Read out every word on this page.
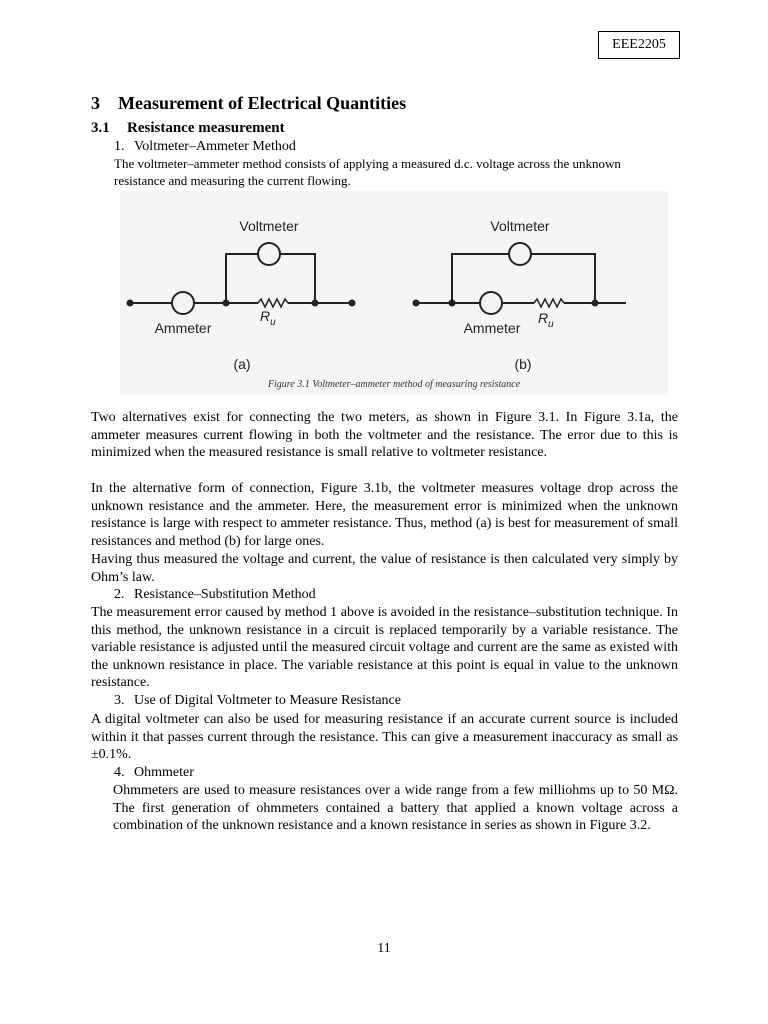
EEE2205
3 Measurement of Electrical Quantities
3.1 Resistance measurement
1. Voltmeter–Ammeter Method
The voltmeter–ammeter method consists of applying a measured d.c. voltage across the unknown resistance and measuring the current flowing.
Voltmeter
Ammeter
$R_u$
(a)
Voltmeter
Ammeter
$R_u$
(b)
Figure 3.1 Voltmeter–ammeter method of measuring resistance
Two alternatives exist for connecting the two meters, as shown in Figure 3.1. In Figure 3.1a, the ammeter measures current flowing in both the voltmeter and the resistance. The error due to this is minimized when the measured resistance is small relative to voltmeter resistance.
In the alternative form of connection, Figure 3.1b, the voltmeter measures voltage drop across the unknown resistance and the ammeter. Here, the measurement error is minimized when the unknown resistance is large with respect to ammeter resistance. Thus, method (a) is best for measurement of small resistances and method (b) for large ones.
Having thus measured the voltage and current, the value of resistance is then calculated very simply by Ohm’s law.
2. Resistance–Substitution Method
The measurement error caused by method 1 above is avoided in the resistance–substitution technique. In this method, the unknown resistance in a circuit is replaced temporarily by a variable resistance. The variable resistance is adjusted until the measured circuit voltage and current are the same as existed with the unknown resistance in place. The variable resistance at this point is equal in value to the unknown resistance.
3. Use of Digital Voltmeter to Measure Resistance
A digital voltmeter can also be used for measuring resistance if an accurate current source is included within it that passes current through the resistance. This can give a measurement inaccuracy as small as ±0.1%.
4. Ohmmeter
Ohmmeters are used to measure resistances over a wide range from a few milliohms up to 50 MΩ. The first generation of ohmmeters contained a battery that applied a known voltage across a combination of the unknown resistance and a known resistance in series as shown in Figure 3.2.
11
